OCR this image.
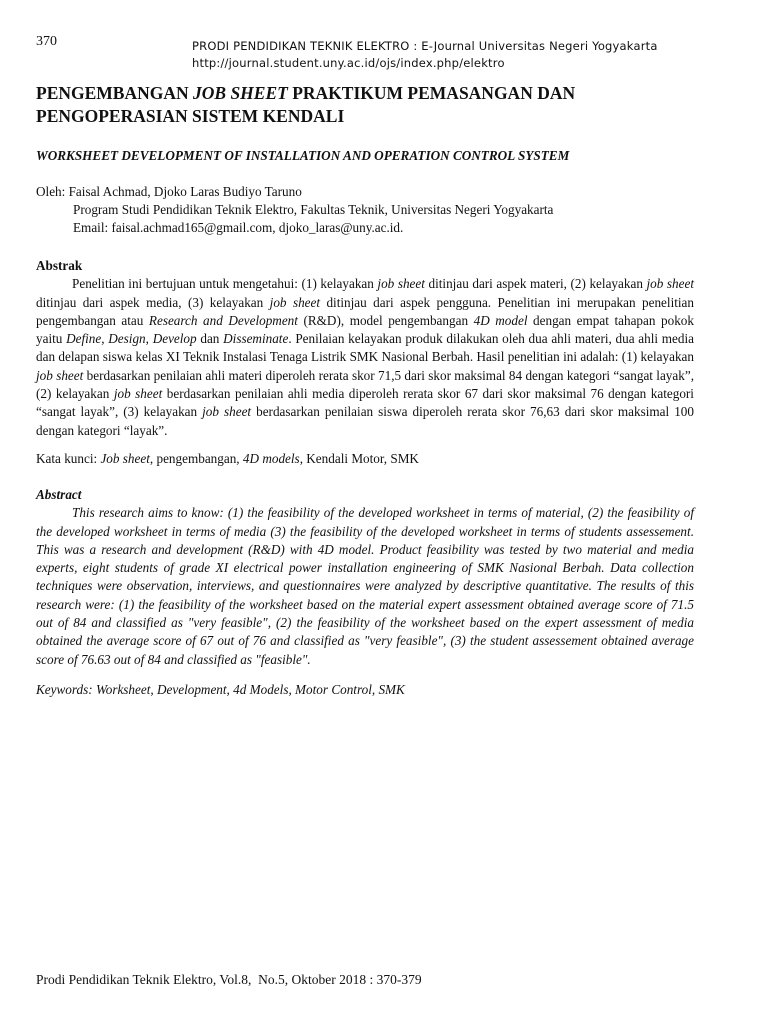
370	PRODI PENDIDIKAN TEKNIK ELEKTRO : E-Journal Universitas Negeri Yogyakarta
http://journal.student.uny.ac.id/ojs/index.php/elektro
PENGEMBANGAN JOB SHEET PRAKTIKUM PEMASANGAN DAN PENGOPERASIAN SISTEM KENDALI
WORKSHEET DEVELOPMENT OF INSTALLATION AND OPERATION CONTROL SYSTEM
Oleh: Faisal Achmad, Djoko Laras Budiyo Taruno
Program Studi Pendidikan Teknik Elektro, Fakultas Teknik, Universitas Negeri Yogyakarta
Email: faisal.achmad165@gmail.com, djoko_laras@uny.ac.id.

Abstrak

Penelitian ini bertujuan untuk mengetahui: (1) kelayakan job sheet ditinjau dari aspek materi, (2) kelayakan job sheet ditinjau dari aspek media, (3) kelayakan job sheet ditinjau dari aspek pengguna. Penelitian ini merupakan penelitian pengembangan atau Research and Development (R&D), model pengembangan 4D model dengan empat tahapan pokok yaitu Define, Design, Develop dan Disseminate. Penilaian kelayakan produk dilakukan oleh dua ahli materi, dua ahli media dan delapan siswa kelas XI Teknik Instalasi Tenaga Listrik SMK Nasional Berbah. Hasil penelitian ini adalah: (1) kelayakan job sheet berdasarkan penilaian ahli materi diperoleh rerata skor 71,5 dari skor maksimal 84 dengan kategori “sangat layak”, (2) kelayakan job sheet berdasarkan penilaian ahli media diperoleh rerata skor 67 dari skor maksimal 76 dengan kategori “sangat layak”, (3) kelayakan job sheet berdasarkan penilaian siswa diperoleh rerata skor 76,63 dari skor maksimal 100 dengan kategori “layak”.

Kata kunci: Job sheet, pengembangan, 4D models, Kendali Motor, SMK

Abstract

This research aims to know: (1) the feasibility of the developed worksheet in terms of material, (2) the feasibility of the developed worksheet in terms of media (3) the feasibility of the developed worksheet in terms of students assessement. This was a research and development (R&D) with 4D model. Product feasibility was tested by two material and media experts, eight students of grade XI electrical power installation engineering of SMK Nasional Berbah. Data collection techniques were observation, interviews, and questionnaires were analyzed by descriptive quantitative. The results of this research were: (1) the feasibility of the worksheet based on the material expert assessment obtained average score of 71.5 out of 84 and classified as "very feasible", (2) the feasibility of the worksheet based on the expert assessment of media obtained the average score of 67 out of 76 and classified as "very feasible", (3) the student assessement obtained average score of 76.63 out of 84 and classified as "feasible".

Keywords: Worksheet, Development, 4d Models, Motor Control, SMK
Prodi Pendidikan Teknik Elektro, Vol.8,  No.5, Oktober 2018 : 370-379
